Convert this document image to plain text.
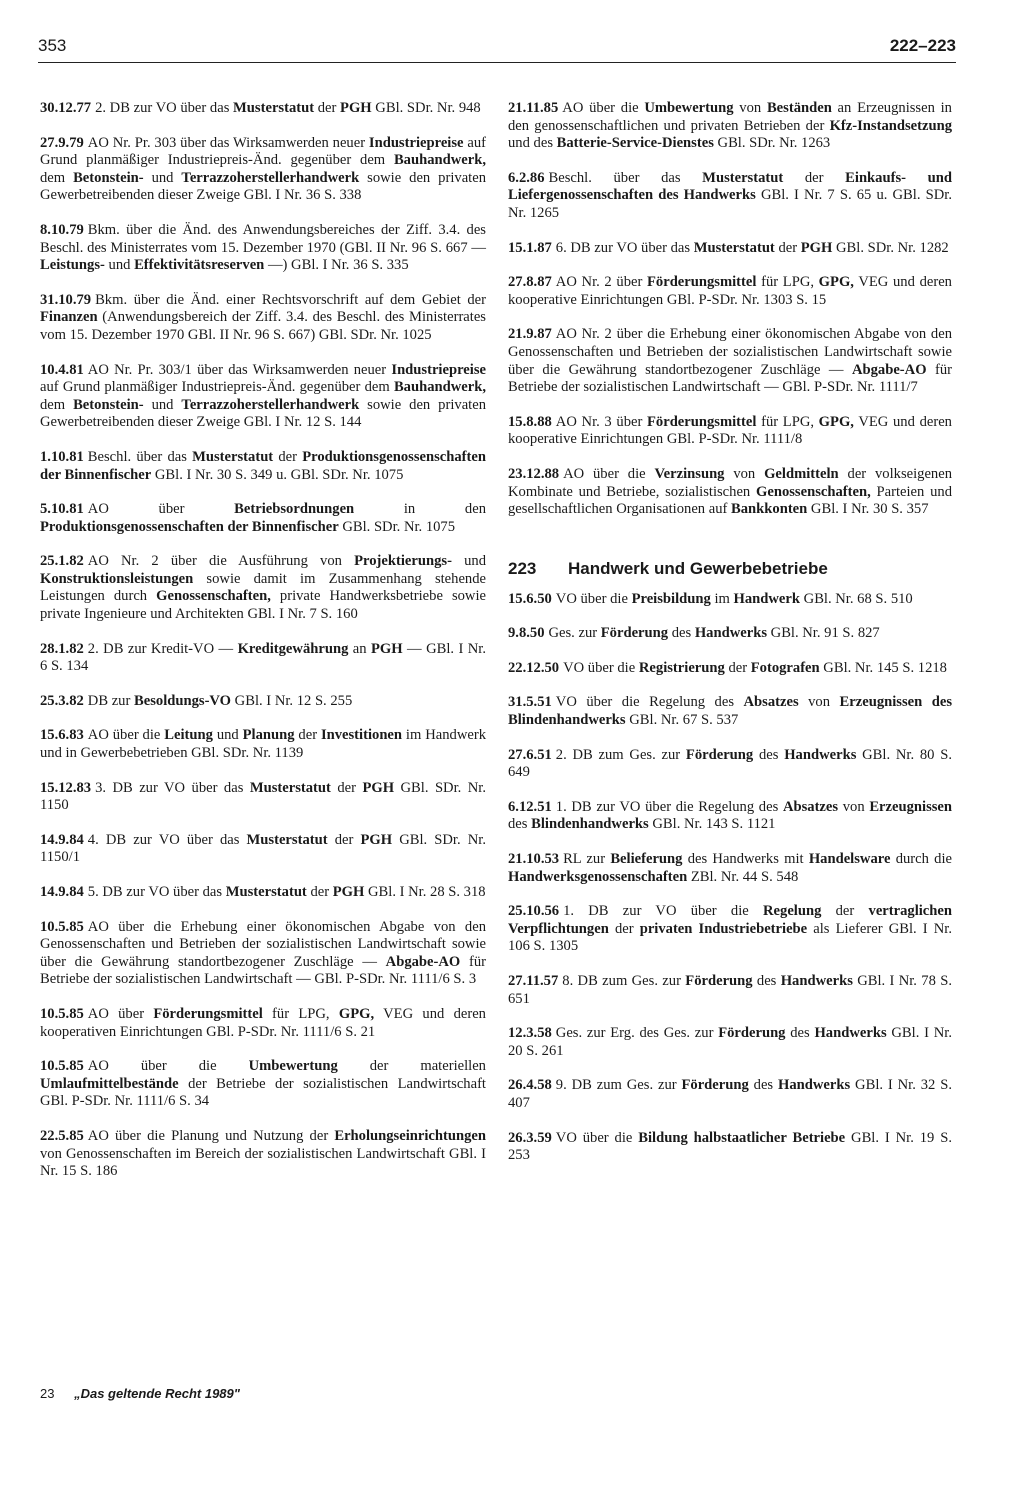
353	222–223

30.12.77 2. DB zur VO über das Musterstatut der PGH GBl. SDr. Nr. 948

27.9.79 AO Nr. Pr. 303 über das Wirksamwerden neuer Industriepreise auf Grund planmäßiger Industriepreis-Änd. gegenüber dem Bauhandwerk, dem Betonstein- und Terrazzoherstellerhandwerk sowie den privaten Gewerbetreibenden dieser Zweige GBl. I Nr. 36 S. 338

8.10.79 Bkm. über die Änd. des Anwendungsbereiches der Ziff. 3.4. des Beschl. des Ministerrates vom 15. Dezember 1970 (GBl. II Nr. 96 S. 667 — Leistungs- und Effektivitätsreserven —) GBl. I Nr. 36 S. 335

31.10.79 Bkm. über die Änd. einer Rechtsvorschrift auf dem Gebiet der Finanzen (Anwendungsbereich der Ziff. 3.4. des Beschl. des Ministerrates vom 15. Dezember 1970 GBl. II Nr. 96 S. 667) GBl. SDr. Nr. 1025

10.4.81 AO Nr. Pr. 303/1 über das Wirksamwerden neuer Industriepreise auf Grund planmäßiger Industriepreis-Änd. gegenüber dem Bauhandwerk, dem Betonstein- und Terrazzoherstellerhandwerk sowie den privaten Gewerbetreibenden dieser Zweige GBl. I Nr. 12 S. 144

1.10.81 Beschl. über das Musterstatut der Produktionsgenossenschaften der Binnenfischer GBl. I Nr. 30 S. 349 u. GBl. SDr. Nr. 1075

5.10.81 AO über Betriebsordnungen in den Produktionsgenossenschaften der Binnenfischer GBl. SDr. Nr. 1075

25.1.82 AO Nr. 2 über die Ausführung von Projektierungs- und Konstruktionsleistungen sowie damit im Zusammenhang stehende Leistungen durch Genossenschaften, private Handwerksbetriebe sowie private Ingenieure und Architekten GBl. I Nr. 7 S. 160

28.1.82 2. DB zur Kredit-VO — Kreditgewährung an PGH — GBl. I Nr. 6 S. 134

25.3.82 DB zur Besoldungs-VO GBl. I Nr. 12 S. 255

15.6.83 AO über die Leitung und Planung der Investitionen im Handwerk und in Gewerbebetrieben GBl. SDr. Nr. 1139

15.12.83 3. DB zur VO über das Musterstatut der PGH GBl. SDr. Nr. 1150

14.9.84 4. DB zur VO über das Musterstatut der PGH GBl. SDr. Nr. 1150/1

14.9.84 5. DB zur VO über das Musterstatut der PGH GBl. I Nr. 28 S. 318

10.5.85 AO über die Erhebung einer ökonomischen Abgabe von den Genossenschaften und Betrieben der sozialistischen Landwirtschaft sowie über die Gewährung standortbezogener Zuschläge — Abgabe-AO für Betriebe der sozialistischen Landwirtschaft — GBl. P-SDr. Nr. 1111/6 S. 3

10.5.85 AO über Förderungsmittel für LPG, GPG, VEG und deren kooperativen Einrichtungen GBl. P-SDr. Nr. 1111/6 S. 21

10.5.85 AO über die Umbewertung der materiellen Umlaufmittelbestände der Betriebe der sozialistischen Landwirtschaft GBl. P-SDr. Nr. 1111/6 S. 34

22.5.85 AO über die Planung und Nutzung der Erholungseinrichtungen von Genossenschaften im Bereich der sozialistischen Landwirtschaft GBl. I Nr. 15 S. 186

21.11.85 AO über die Umbewertung von Beständen an Erzeugnissen in den genossenschaftlichen und privaten Betrieben der Kfz-Instandsetzung und des Batterie-Service-Dienstes GBl. SDr. Nr. 1263

6.2.86 Beschl. über das Musterstatut der Einkaufs- und Liefergenossenschaften des Handwerks GBl. I Nr. 7 S. 65 u. GBl. SDr. Nr. 1265

15.1.87 6. DB zur VO über das Musterstatut der PGH GBl. SDr. Nr. 1282

27.8.87 AO Nr. 2 über Förderungsmittel für LPG, GPG, VEG und deren kooperative Einrichtungen GBl. P-SDr. Nr. 1303 S. 15

21.9.87 AO Nr. 2 über die Erhebung einer ökonomischen Abgabe von den Genossenschaften und Betrieben der sozialistischen Landwirtschaft sowie über die Gewährung standortbezogener Zuschläge — Abgabe-AO für Betriebe der sozialistischen Landwirtschaft — GBl. P-SDr. Nr. 1111/7

15.8.88 AO Nr. 3 über Förderungsmittel für LPG, GPG, VEG und deren kooperative Einrichtungen GBl. P-SDr. Nr. 1111/8

23.12.88 AO über die Verzinsung von Geldmitteln der volkseigenen Kombinate und Betriebe, sozialistischen Genossenschaften, Parteien und gesellschaftlichen Organisationen auf Bankkonten GBl. I Nr. 30 S. 357

223 Handwerk und Gewerbebetriebe

15.6.50 VO über die Preisbildung im Handwerk GBl. Nr. 68 S. 510

9.8.50 Ges. zur Förderung des Handwerks GBl. Nr. 91 S. 827

22.12.50 VO über die Registrierung der Fotografen GBl. Nr. 145 S. 1218

31.5.51 VO über die Regelung des Absatzes von Erzeugnissen des Blindenhandwerks GBl. Nr. 67 S. 537

27.6.51 2. DB zum Ges. zur Förderung des Handwerks GBl. Nr. 80 S. 649

6.12.51 1. DB zur VO über die Regelung des Absatzes von Erzeugnissen des Blindenhandwerks GBl. Nr. 143 S. 1121

21.10.53 RL zur Belieferung des Handwerks mit Handelsware durch die Handwerksgenossenschaften ZBl. Nr. 44 S. 548

25.10.56 1. DB zur VO über die Regelung der vertraglichen Verpflichtungen der privaten Industriebetriebe als Lieferer GBl. I Nr. 106 S. 1305

27.11.57 8. DB zum Ges. zur Förderung des Handwerks GBl. I Nr. 78 S. 651

12.3.58 Ges. zur Erg. des Ges. zur Förderung des Handwerks GBl. I Nr. 20 S. 261

26.4.58 9. DB zum Ges. zur Förderung des Handwerks GBl. I Nr. 32 S. 407

26.3.59 VO über die Bildung halbstaatlicher Betriebe GBl. I Nr. 19 S. 253

23 „Das geltende Recht 1989"
